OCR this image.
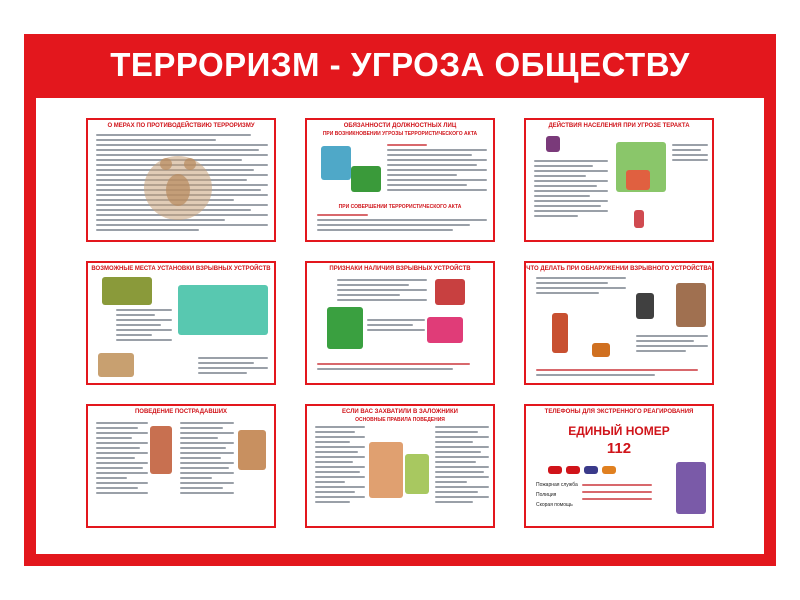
ТЕРРОРИЗМ - УГРОЗА ОБЩЕСТВУ
О МЕРАХ ПО ПРОТИВОДЕЙСТВИЮ ТЕРРОРИЗМУ	ОБЯЗАННОСТИ ДОЛЖНОСТНЫХ ЛИЦ
ПРИ ВОЗНИКНОВЕНИИ УГРОЗЫ ТЕРРОРИСТИЧЕСКОГО АКТА
ПРИ СОВЕРШЕНИИ ТЕРРОРИСТИЧЕСКОГО АКТА
ДЕЙСТВИЯ НАСЕЛЕНИЯ ПРИ УГРОЗЕ ТЕРАКТА
ВОЗМОЖНЫЕ МЕСТА УСТАНОВКИ ВЗРЫВНЫХ УСТРОЙСТВ	ПРИЗНАКИ НАЛИЧИЯ ВЗРЫВНЫХ УСТРОЙСТВ	ЧТО ДЕЛАТЬ ПРИ ОБНАРУЖЕНИИ ВЗРЫВНОГО УСТРОЙСТВА
ПОВЕДЕНИЕ ПОСТРАДАВШИХ	ЕСЛИ ВАС ЗАХВАТИЛИ В ЗАЛОЖНИКИ
ОСНОВНЫЕ ПРАВИЛА ПОВЕДЕНИЯ
ТЕЛЕФОНЫ ДЛЯ ЭКСТРЕННОГО РЕАГИРОВАНИЯ
ЕДИНЫЙ НОМЕР
112
Пожарная служба
Полиция
Скорая помощь
